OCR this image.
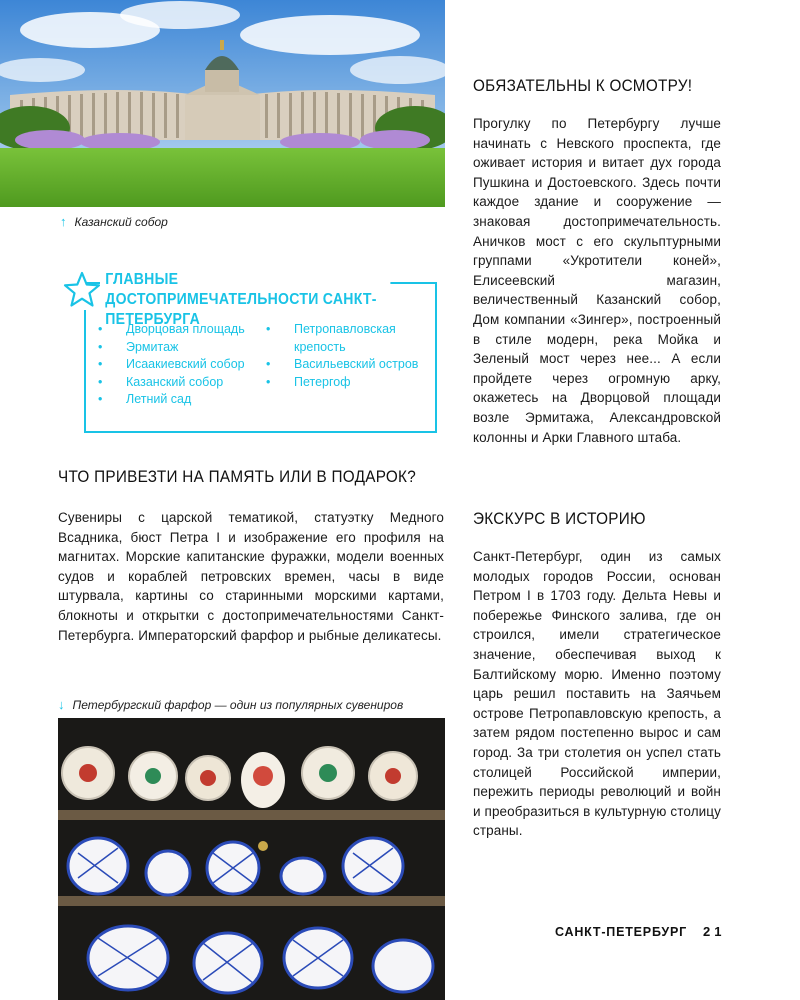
↑ Казанский собор
ГЛАВНЫЕ ДОСТОПРИМЕЧАТЕЛЬНОСТИ САНКТ-ПЕТЕРБУРГА
• Дворцовая площадь
• Эрмитаж
• Исаакиевский собор
• Казанский собор
• Летний сад
• Петропавловская крепость
• Васильевский остров
• Петергоф
ЧТО ПРИВЕЗТИ НА ПАМЯТЬ ИЛИ В ПОДАРОК?
Сувениры с царской тематикой, статуэтку Медного Всадника, бюст Петра I и изображение его профиля на магнитах. Морские капитанские фуражки, модели военных судов и кораблей петровских времен, часы в виде штурвала, картины со старинными морскими картами, блокноты и открытки с достопримечательностями Санкт-Петербурга. Императорский фарфор и рыбные деликатесы.
↓ Петербургский фарфор — один из популярных сувениров
ОБЯЗАТЕЛЬНЫ К ОСМОТРУ!
Прогулку по Петербургу лучше начинать с Невского проспекта, где оживает история и витает дух города Пушкина и Достоевского. Здесь почти каждое здание и сооружение — знаковая достопримечательность. Аничков мост с его скульптурными группами «Укротители коней», Елисеевский магазин, величественный Казанский собор, Дом компании «Зингер», построенный в стиле модерн, река Мойка и Зеленый мост через нее... А если пройдете через огромную арку, окажетесь на Дворцовой площади возле Эрмитажа, Александровской колонны и Арки Главного штаба.
ЭКСКУРС В ИСТОРИЮ
Санкт-Петербург, один из самых молодых городов России, основан Петром I в 1703 году. Дельта Невы и побережье Финского залива, где он строился, имели стратегическое значение, обеспечивая выход к Балтийскому морю. Именно поэтому царь решил поставить на Заячьем острове Петропавловскую крепость, а затем рядом постепенно вырос и сам город. За три столетия он успел стать столицей Российской империи, пережить периоды революций и войн и преобразиться в культурную столицу страны.
САНКТ-ПЕТЕРБУРГ 21
